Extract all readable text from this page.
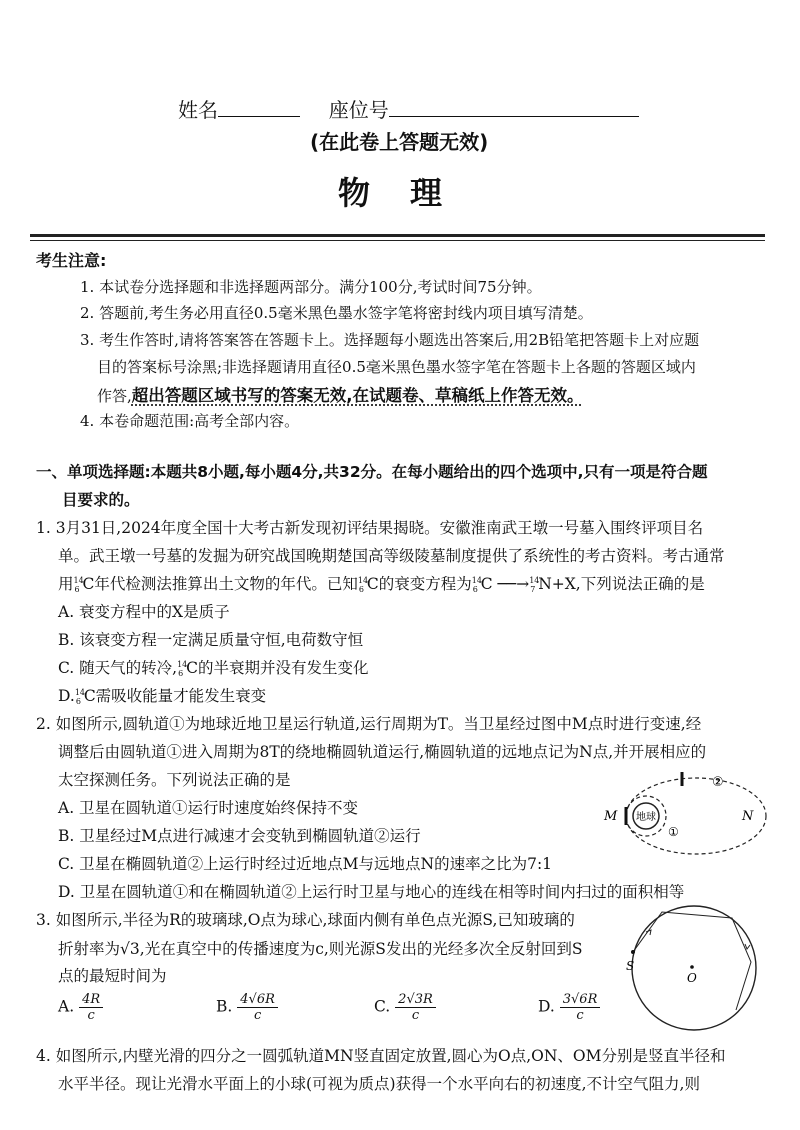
姓名	座位号
(在此卷上答题无效)
物理
考生注意:
1. 本试卷分选择题和非选择题两部分。满分100分,考试时间75分钟。
2. 答题前,考生务必用直径0.5毫米黑色墨水签字笔将密封线内项目填写清楚。
3. 考生作答时,请将答案答在答题卡上。选择题每小题选出答案后,用2B铅笔把答题卡上对应题
目的答案标号涂黑;非选择题请用直径0.5毫米黑色墨水签字笔在答题卡上各题的答题区域内
作答,超出答题区域书写的答案无效,在试题卷、草稿纸上作答无效。
4. 本卷命题范围:高考全部内容。
一、单项选择题:本题共8小题,每小题4分,共32分。在每小题给出的四个选项中,只有一项是符合题
目要求的。
1. 3月31日,2024年度全国十大考古新发现初评结果揭晓。安徽淮南武王墩一号墓入围终评项目名
单。武王墩一号墓的发掘为研究战国晚期楚国高等级陵墓制度提供了系统性的考古资料。考古通常
用 14
6 C年代检测法推算出土文物的年代。已知 14
6 C的衰变方程为 14
6 C ──→ 14
7 N+X,下列说法正确的是
A. 衰变方程中的X是质子
B. 该衰变方程一定满足质量守恒,电荷数守恒
C. 随天气的转冷, 14
6 C的半衰期并没有发生变化
D. 14
6 C需吸收能量才能发生衰变
2. 如图所示,圆轨道①为地球近地卫星运行轨道,运行周期为T。当卫星经过图中M点时进行变速,经
调整后由圆轨道①进入周期为8T的绕地椭圆轨道运行,椭圆轨道的远地点记为N点,并开展相应的
太空探测任务。下列说法正确的是
A. 卫星在圆轨道①运行时速度始终保持不变
B. 卫星经过M点进行减速才会变轨到椭圆轨道②运行
C. 卫星在椭圆轨道②上运行时经过近地点M与远地点N的速率之比为7:1
D. 卫星在圆轨道①和在椭圆轨道②上运行时卫星与地心的连线在相等时间内扫过的面积相等
地球
M	N
②
①
3. 如图所示,半径为R的玻璃球,O点为球心,球面内侧有单色点光源S,已知玻璃的
折射率为√3,光在真空中的传播速度为c,则光源S发出的光经多次全反射回到S
点的最短时间为
A. $\frac{4R}{c}$	B. $\frac{4√6R}{c}$	C. $\frac{2√3R}{c}$	D. $\frac{3√6R}{c}$
S
O
4. 如图所示,内壁光滑的四分之一圆弧轨道MN竖直固定放置,圆心为O点,ON、OM分别是竖直半径和
水平半径。现让光滑水平面上的小球(可视为质点)获得一个水平向右的初速度,不计空气阻力,则
